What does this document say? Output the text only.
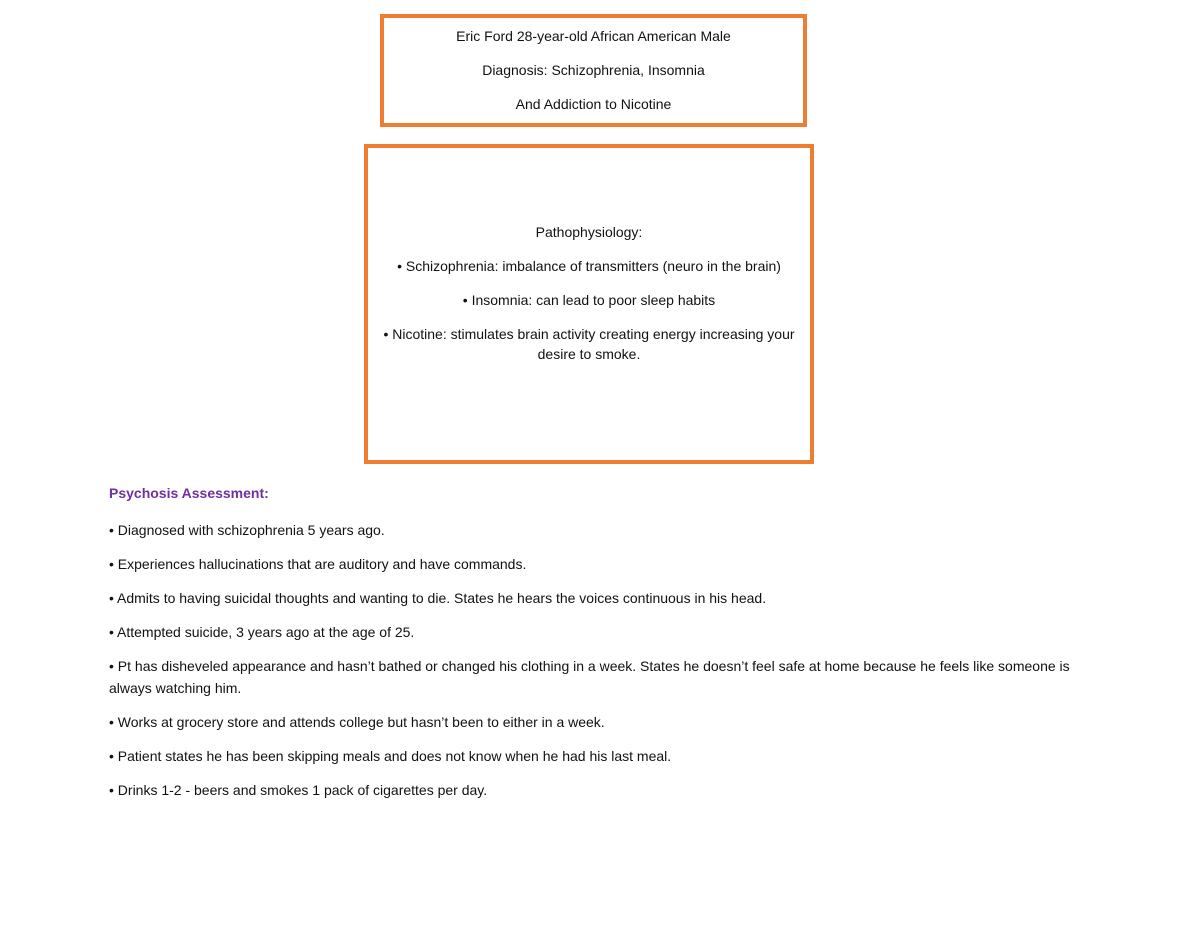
Eric Ford 28-year-old African American Male

Diagnosis: Schizophrenia, Insomnia

And Addiction to Nicotine

Pathophysiology:

• Schizophrenia: imbalance of transmitters (neuro in the brain)

• Insomnia: can lead to poor sleep habits

• Nicotine: stimulates brain activity creating energy increasing your desire to smoke.

Psychosis Assessment:

• Diagnosed with schizophrenia 5 years ago.
• Experiences hallucinations that are auditory and have commands.
• Admits to having suicidal thoughts and wanting to die. States he hears the voices continuous in his head.
• Attempted suicide, 3 years ago at the age of 25.
• Pt has disheveled appearance and hasn’t bathed or changed his clothing in a week. States he doesn’t feel safe at home because he feels like someone is always watching him.
• Works at grocery store and attends college but hasn’t been to either in a week.
• Patient states he has been skipping meals and does not know when he had his last meal.
• Drinks 1-2 - beers and smokes 1 pack of cigarettes per day.
